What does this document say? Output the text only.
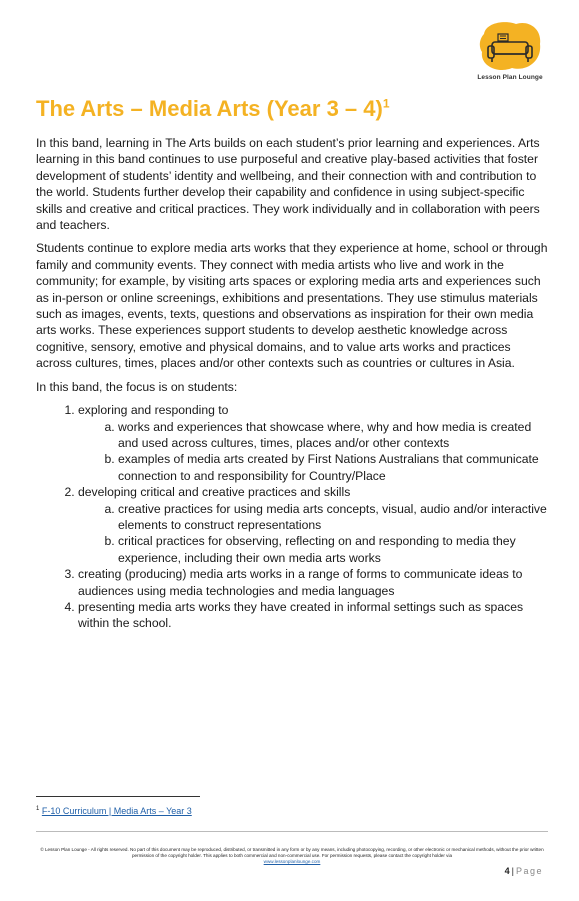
Lesson Plan Lounge
The Arts – Media Arts (Year 3 – 4)$^1$

In this band, learning in The Arts builds on each student’s prior learning and experiences. Arts learning in this band continues to use purposeful and creative play-based activities that foster development of students’ identity and wellbeing, and their connection with and contribution to the world. Students further develop their capability and confidence in using subject-specific skills and creative and critical practices. They work individually and in collaboration with peers and teachers.

Students continue to explore media arts works that they experience at home, school or through family and community events. They connect with media artists who live and work in the community; for example, by visiting arts spaces or exploring media arts and experiences such as in-person or online screenings, exhibitions and presentations. They use stimulus materials such as images, events, texts, questions and observations as inspiration for their own media arts works. These experiences support students to develop aesthetic knowledge across cognitive, sensory, emotive and physical domains, and to value arts works and practices across cultures, times, places and/or other contexts such as countries or cultures in Asia.

In this band, the focus is on students:

1. exploring and responding to
a. works and experiences that showcase where, why and how media is created and used across cultures, times, places and/or other contexts
b. examples of media arts created by First Nations Australians that communicate connection to and responsibility for Country/Place
2. developing critical and creative practices and skills
a. creative practices for using media arts concepts, visual, audio and/or interactive elements to construct representations
b. critical practices for observing, reflecting on and responding to media they experience, including their own media arts works
3. creating (producing) media arts works in a range of forms to communicate ideas to audiences using media technologies and media languages
4. presenting media arts works they have created in informal settings such as spaces within the school.
$^1$ F-10 Curriculum | Media Arts – Year 3
© Lesson Plan Lounge - All rights reserved. No part of this document may be reproduced, distributed, or transmitted in any form or by any means, including photocopying, recording, or other electronic or mechanical methods, without the prior written permission of the copyright holder. This applies to both commercial and non-commercial use. For permission requests, please contact the copyright holder via
www.lessonplanlounge.com
4 | Page
